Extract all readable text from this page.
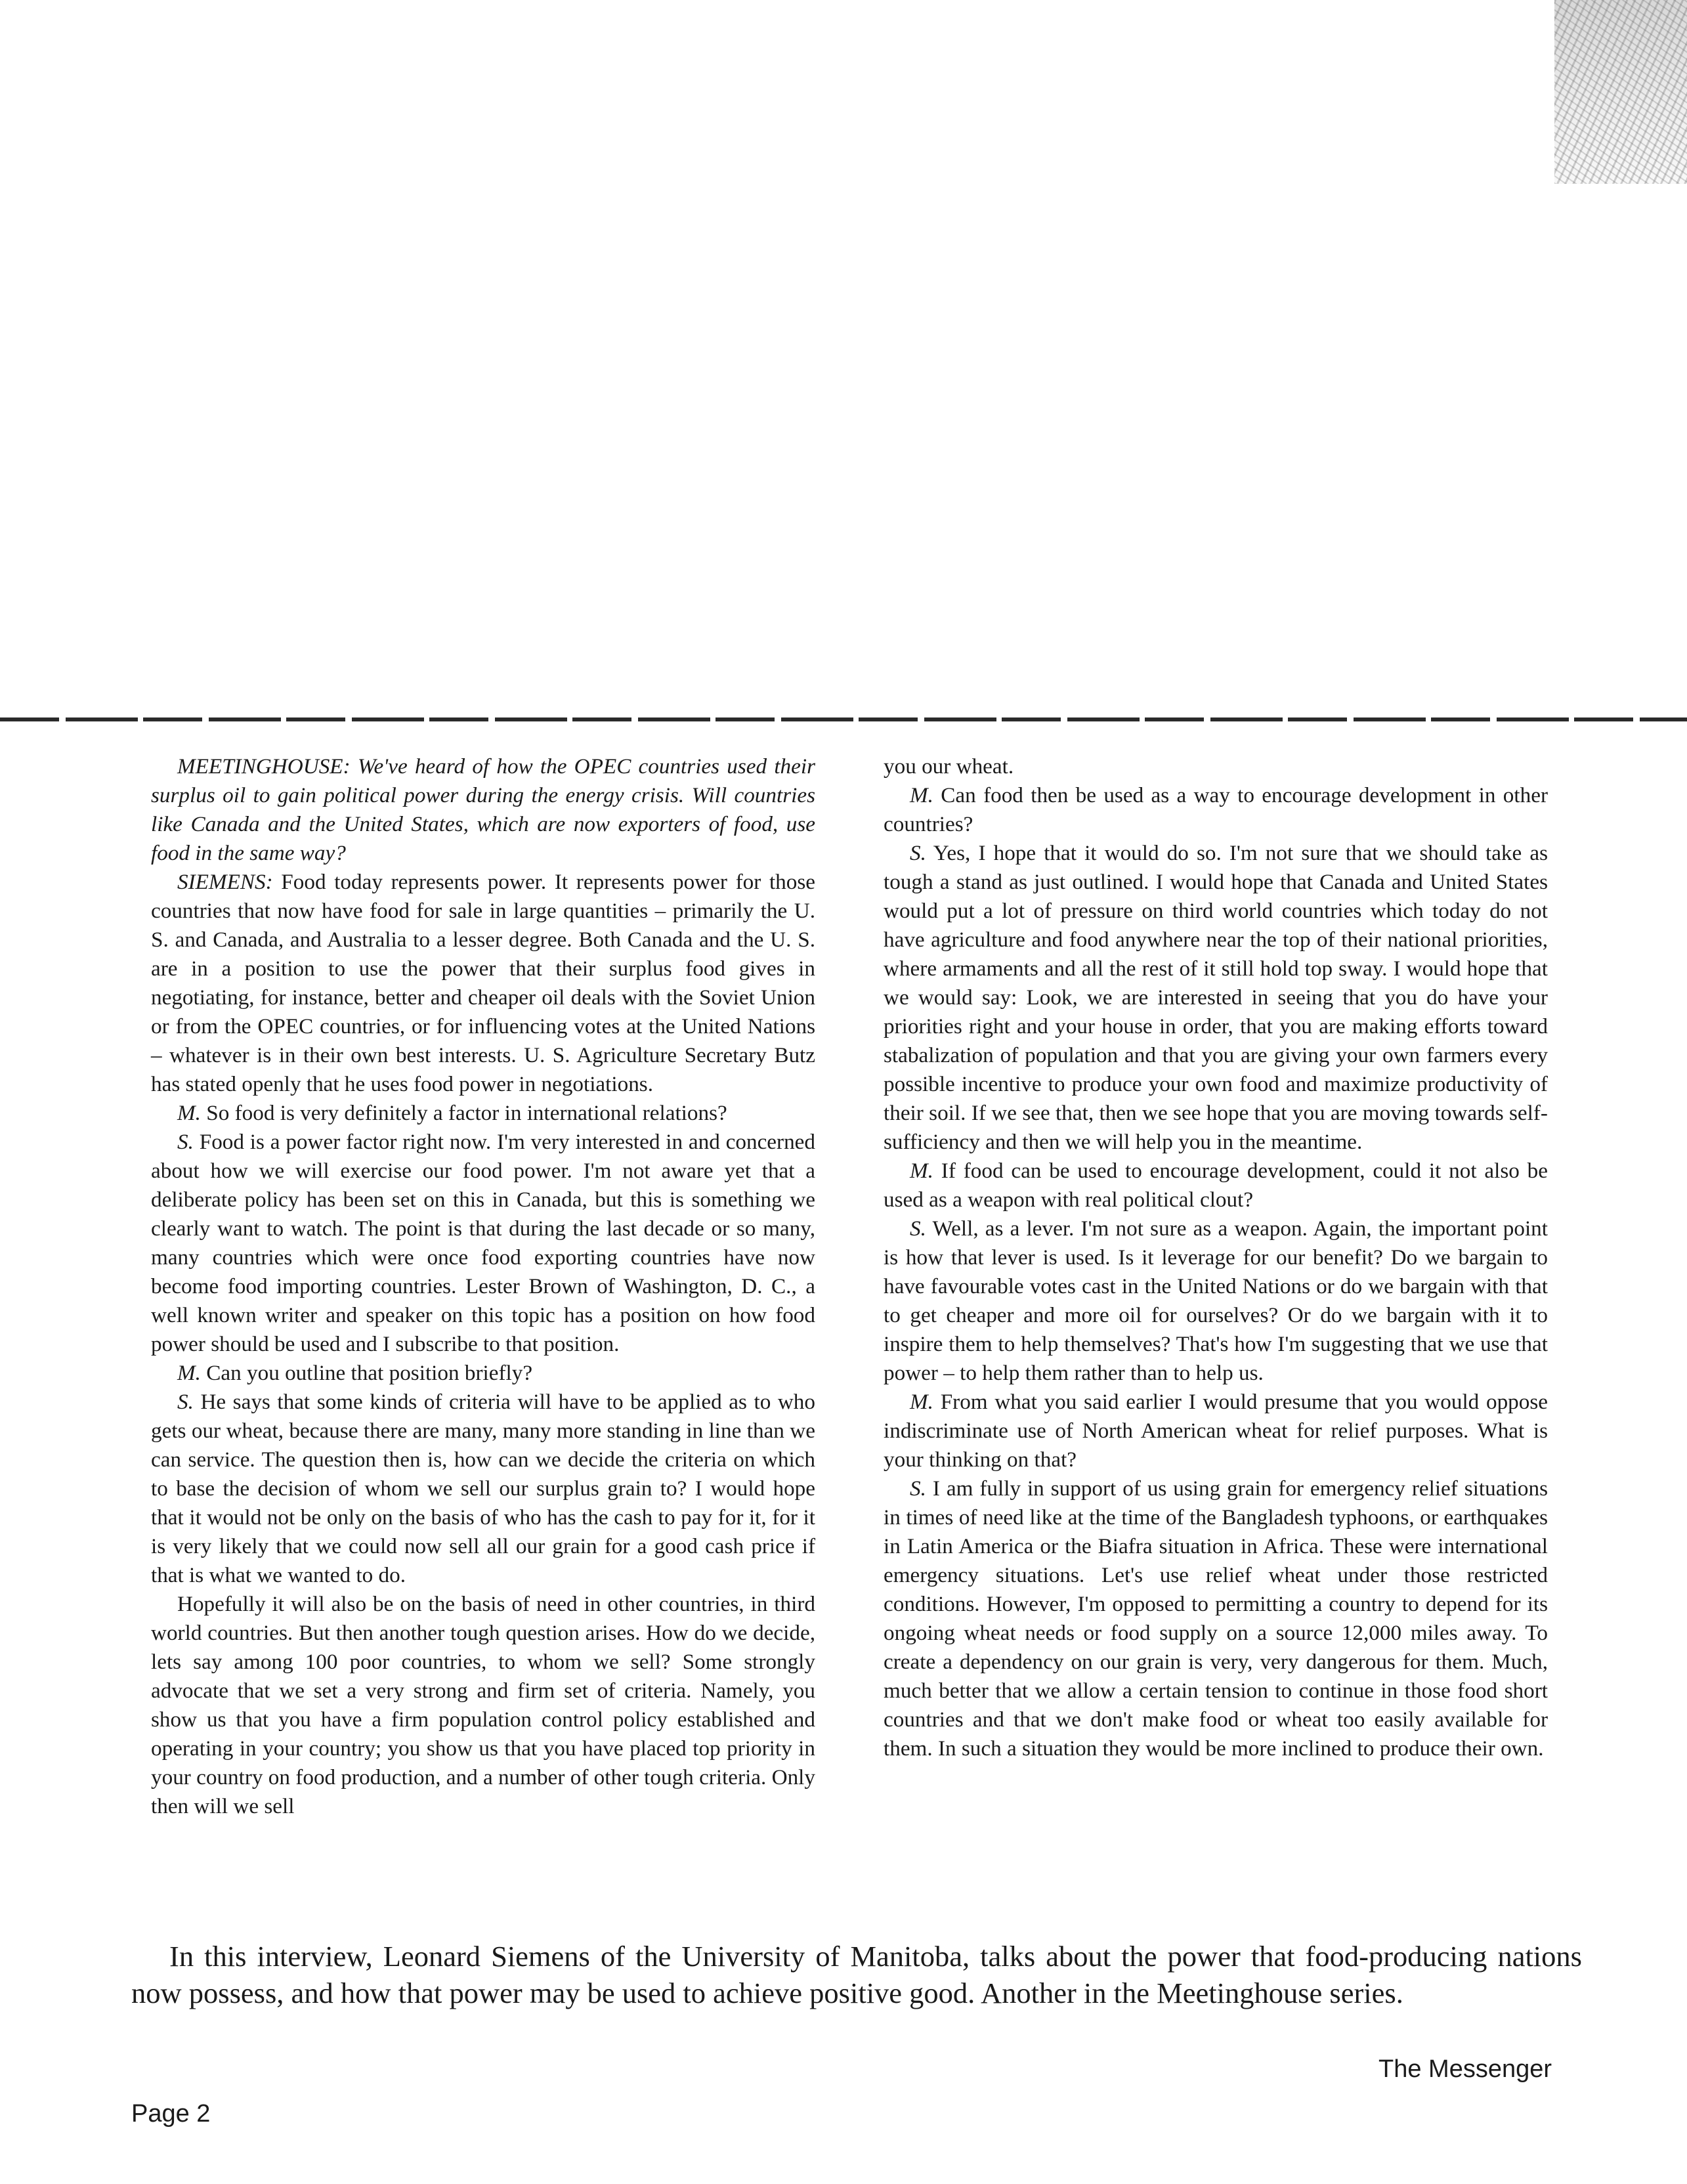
MEETINGHOUSE: We've heard of how the OPEC countries used their surplus oil to gain political power during the energy crisis. Will countries like Canada and the United States, which are now exporters of food, use food in the same way?

SIEMENS: Food today represents power. It represents power for those countries that now have food for sale in large quantities – primarily the U. S. and Canada, and Australia to a lesser degree. Both Canada and the U. S. are in a position to use the power that their surplus food gives in negotiating, for instance, better and cheaper oil deals with the Soviet Union or from the OPEC countries, or for influencing votes at the United Nations – whatever is in their own best interests. U. S. Agriculture Secretary Butz has stated openly that he uses food power in negotiations.

M. So food is very definitely a factor in international relations?

S. Food is a power factor right now. I'm very interested in and concerned about how we will exercise our food power. I'm not aware yet that a deliberate policy has been set on this in Canada, but this is something we clearly want to watch. The point is that during the last decade or so many, many countries which were once food exporting countries have now become food importing countries. Lester Brown of Washington, D. C., a well known writer and speaker on this topic has a position on how food power should be used and I subscribe to that position.

M. Can you outline that position briefly?

S. He says that some kinds of criteria will have to be applied as to who gets our wheat, because there are many, many more standing in line than we can service. The question then is, how can we decide the criteria on which to base the decision of whom we sell our surplus grain to? I would hope that it would not be only on the basis of who has the cash to pay for it, for it is very likely that we could now sell all our grain for a good cash price if that is what we wanted to do.

Hopefully it will also be on the basis of need in other countries, in third world countries. But then another tough question arises. How do we decide, lets say among 100 poor countries, to whom we sell? Some strongly advocate that we set a very strong and firm set of criteria. Namely, you show us that you have a firm population control policy established and operating in your country; you show us that you have placed top priority in your country on food production, and a number of other tough criteria. Only then will we sell

you our wheat.

M. Can food then be used as a way to encourage development in other countries?

S. Yes, I hope that it would do so. I'm not sure that we should take as tough a stand as just outlined. I would hope that Canada and United States would put a lot of pressure on third world countries which today do not have agriculture and food anywhere near the top of their national priorities, where armaments and all the rest of it still hold top sway. I would hope that we would say: Look, we are interested in seeing that you do have your priorities right and your house in order, that you are making efforts toward stabalization of population and that you are giving your own farmers every possible incentive to produce your own food and maximize productivity of their soil. If we see that, then we see hope that you are moving towards self-sufficiency and then we will help you in the meantime.

M. If food can be used to encourage development, could it not also be used as a weapon with real political clout?

S. Well, as a lever. I'm not sure as a weapon. Again, the important point is how that lever is used. Is it leverage for our benefit? Do we bargain to have favourable votes cast in the United Nations or do we bargain with that to get cheaper and more oil for ourselves? Or do we bargain with it to inspire them to help themselves? That's how I'm suggesting that we use that power – to help them rather than to help us.

M. From what you said earlier I would presume that you would oppose indiscriminate use of North American wheat for relief purposes. What is your thinking on that?

S. I am fully in support of us using grain for emergency relief situations in times of need like at the time of the Bangladesh typhoons, or earthquakes in Latin America or the Biafra situation in Africa. These were international emergency situations. Let's use relief wheat under those restricted conditions. However, I'm opposed to permitting a country to depend for its ongoing wheat needs or food supply on a source 12,000 miles away. To create a dependency on our grain is very, very dangerous for them. Much, much better that we allow a certain tension to continue in those food short countries and that we don't make food or wheat too easily available for them. In such a situation they would be more inclined to produce their own.

In this interview, Leonard Siemens of the University of Manitoba, talks about the power that food-producing nations now possess, and how that power may be used to achieve positive good. Another in the Meetinghouse series.

Page 2
The Messenger
